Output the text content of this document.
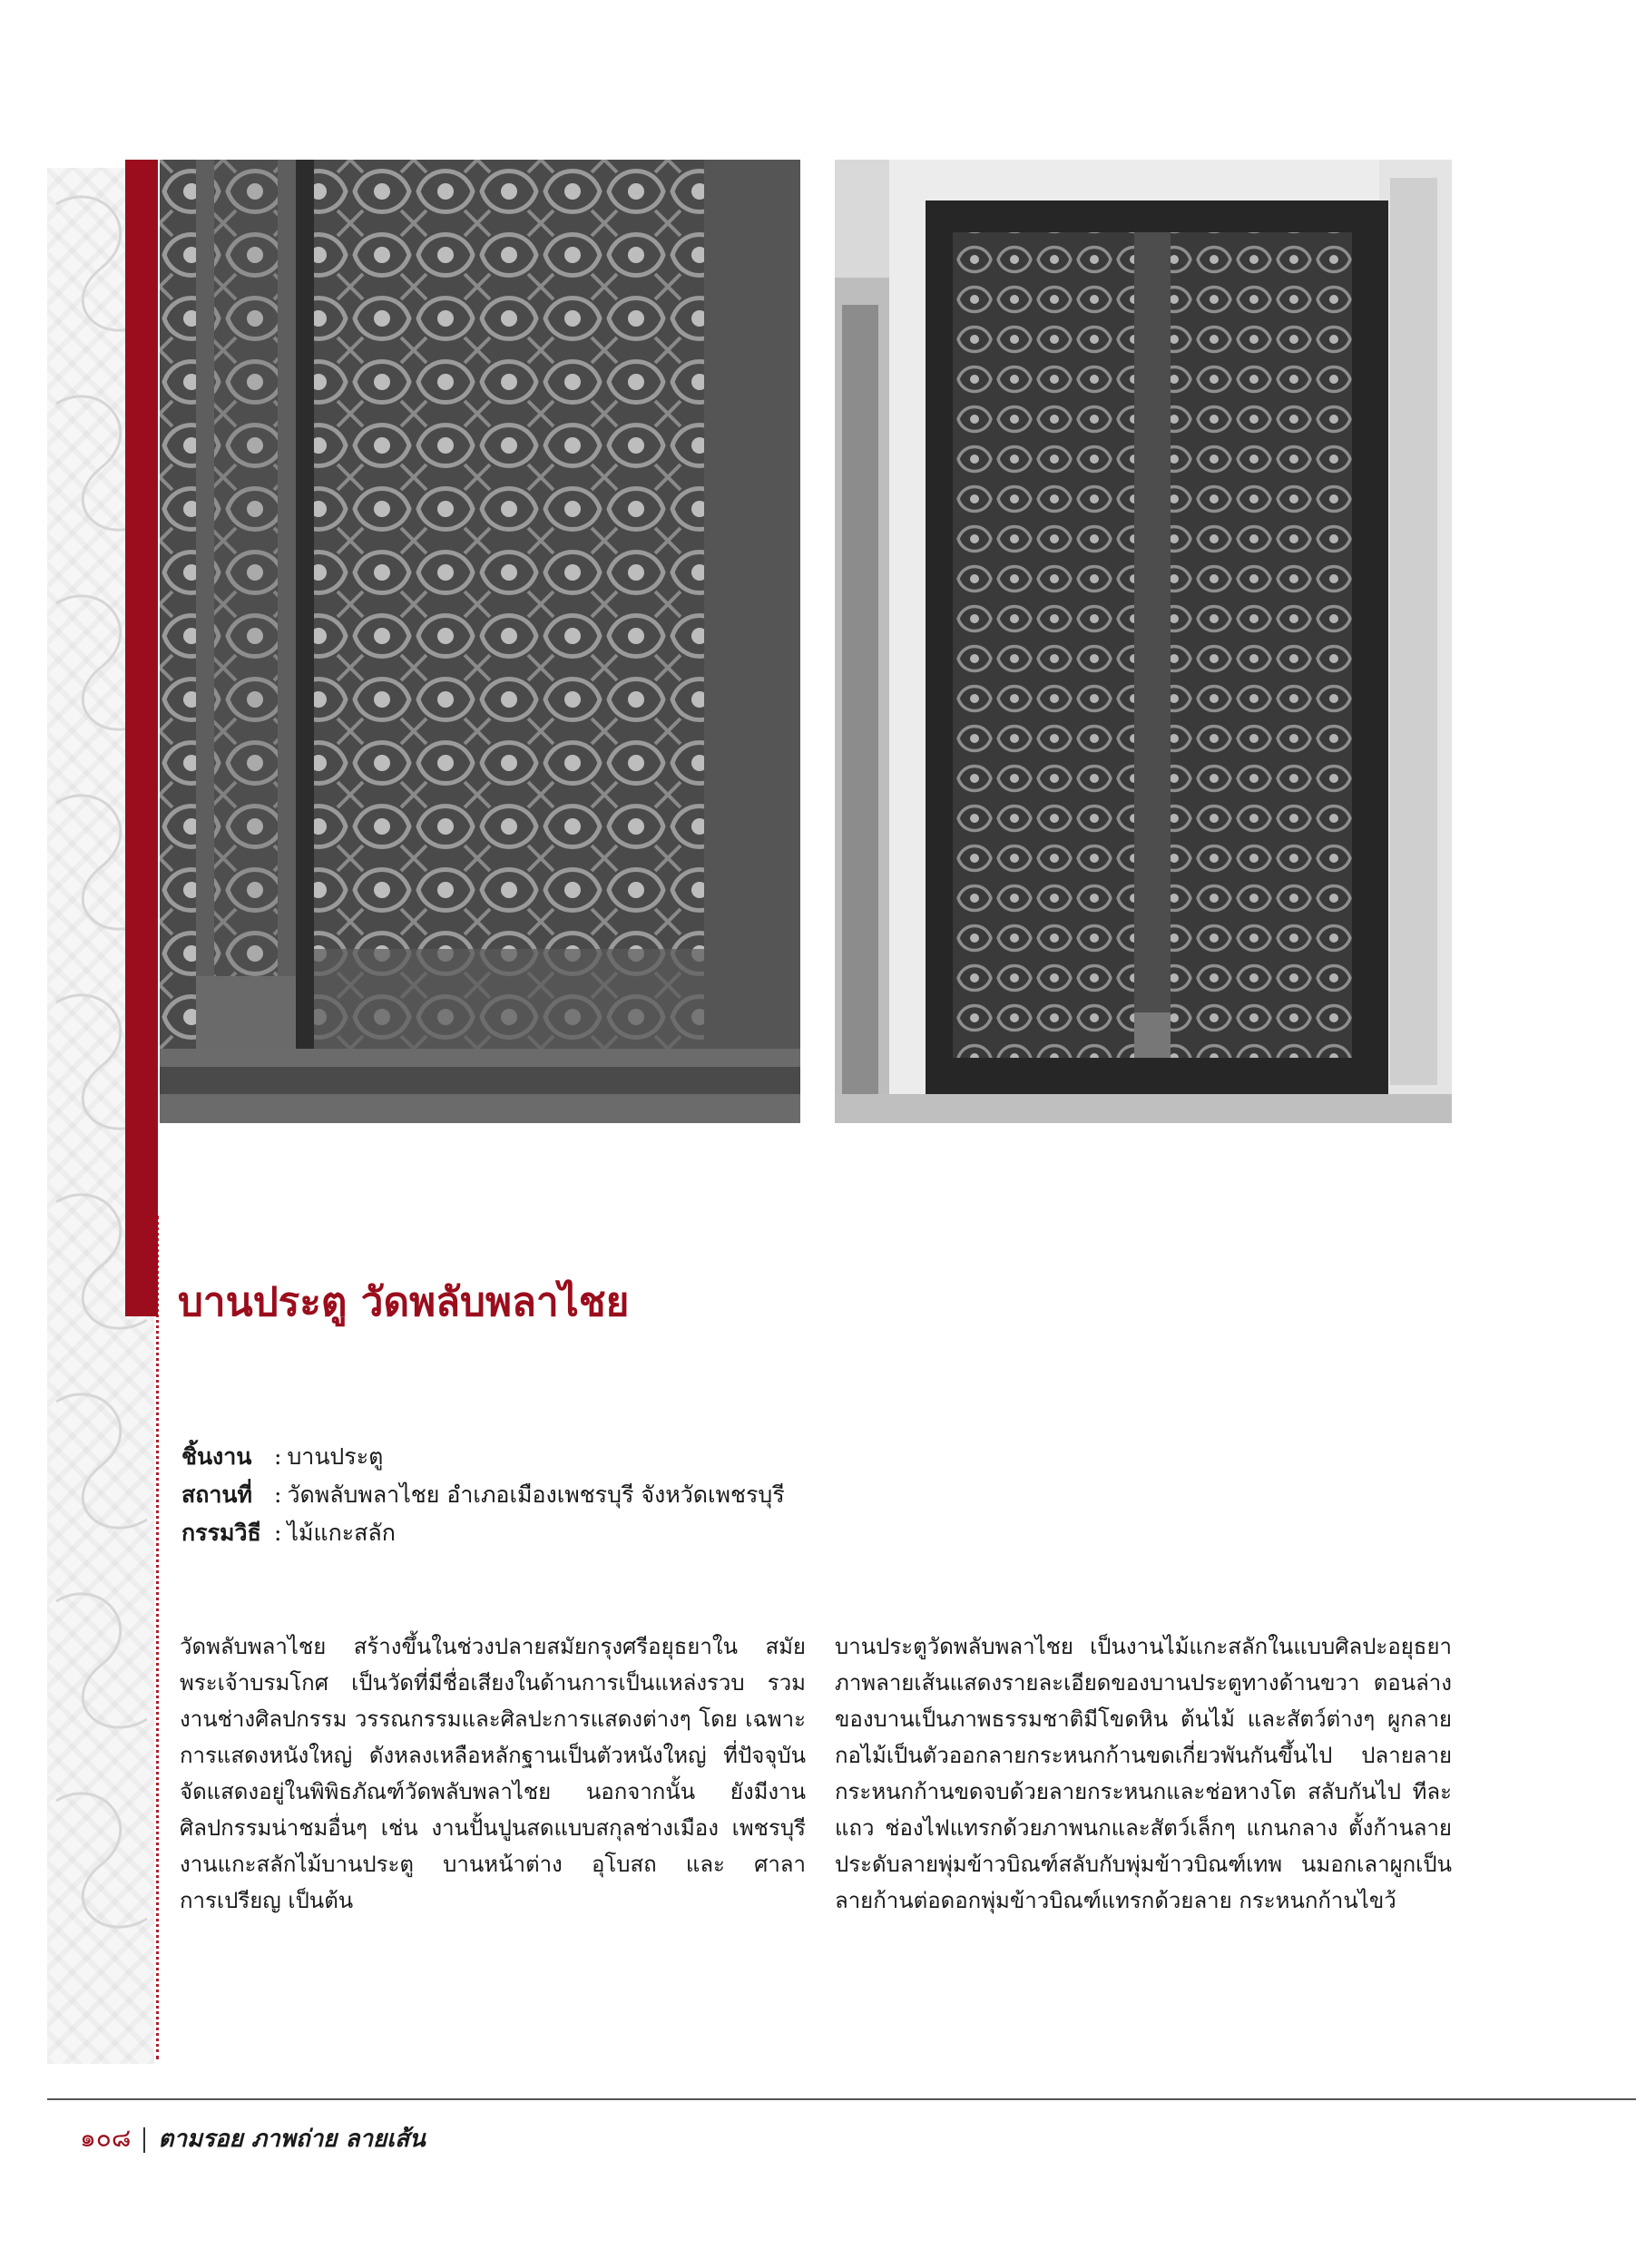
บานประตู วัดพลับพลาไชย
ชิ้นงาน : บานประตู
สถานที่ : วัดพลับพลาไชย อำเภอเมืองเพชรบุรี จังหวัดเพชรบุรี
กรรมวิธี : ไม้แกะสลัก
วัดพลับพลาไชย สร้างขึ้นในช่วงปลายสมัยกรุงศรีอยุธยาใน สมัยพระเจ้าบรมโกศ เป็นวัดที่มีชื่อเสียงในด้านการเป็นแหล่งรวบ รวมงานช่างศิลปกรรม วรรณกรรมและศิลปะการแสดงต่างๆ โดย เฉพาะการแสดงหนังใหญ่ ดังหลงเหลือหลักฐานเป็นตัวหนังใหญ่ ที่ปัจจุบันจัดแสดงอยู่ในพิพิธภัณฑ์วัดพลับพลาไชย นอกจากนั้น ยังมีงานศิลปกรรมน่าชมอื่นๆ เช่น งานปั้นปูนสดแบบสกุลช่างเมือง เพชรบุรี งานแกะสลักไม้บานประตู บานหน้าต่าง อุโบสถ และ ศาลาการเปรียญ เป็นต้น
บานประตูวัดพลับพลาไชย เป็นงานไม้แกะสลักในแบบศิลปะอยุธยา ภาพลายเส้นแสดงรายละเอียดของบานประตูทางด้านขวา ตอนล่าง ของบานเป็นภาพธรรมชาติมีโขดหิน ต้นไม้ และสัตว์ต่างๆ ผูกลาย กอไม้เป็นตัวออกลายกระหนกก้านขดเกี่ยวพันกันขึ้นไป ปลายลาย กระหนกก้านขดจบด้วยลายกระหนกและช่อหางโต สลับกันไป ทีละแถว ช่องไฟแทรกด้วยภาพนกและสัตว์เล็กๆ แกนกลาง ตั้งก้านลายประดับลายพุ่มข้าวบิณฑ์สลับกับพุ่มข้าวบิณฑ์เทพ นมอกเลาผูกเป็นลายก้านต่อดอกพุ่มข้าวบิณฑ์แทรกด้วยลาย กระหนกก้านไขว้
๑๐๘ ตามรอย ภาพถ่าย ลายเส้น
